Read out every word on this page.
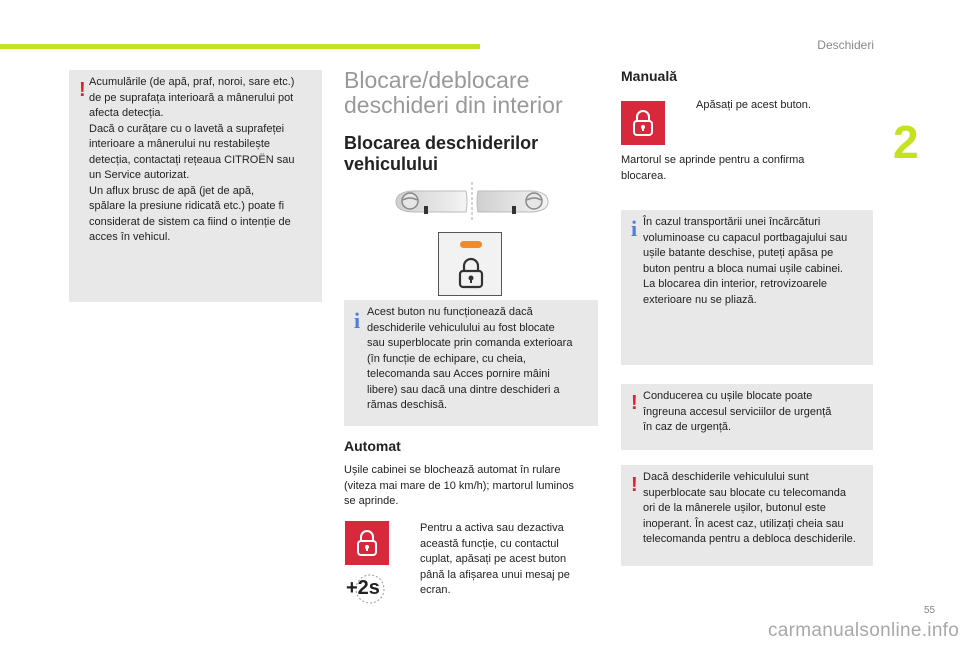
Deschideri
2
! Acumulările (de apă, praf, noroi, sare etc.)

de pe suprafața interioară a mânerului pot

afecta detecția.

Dacă o curățare cu o lavetă a suprafeței

interioare a mânerului nu restabilește

detecția, contactați rețeaua CITROËN sau

un Service autorizat.

Un aflux brusc de apă (jet de apă,

spălare la presiune ridicată etc.) poate fi

considerat de sistem ca fiind o intenție de

acces în vehicul.

Blocare/deblocare
deschideri din interior
Blocarea deschiderilor
vehiculului
i Acest buton nu funcționează dacă

deschiderile vehiculului au fost blocate

sau superblocate prin comanda exterioara

(în funcție de echipare, cu cheia,

telecomanda sau Acces pornire mâini

libere) sau dacă una dintre deschideri a

rămas deschisă.

Automat

Ușile cabinei se blochează automat în rulare

(viteza mai mare de 10 km/h); martorul luminos

se aprinde.

+2s

Pentru a activa sau dezactiva

această funcție, cu contactul

cuplat, apăsați pe acest buton

până la afișarea unui mesaj pe

ecran.

Manuală
Apăsați pe acest buton.

Martorul se aprinde pentru a confirma

blocarea.

i În cazul transportării unei încărcături

voluminoase cu capacul portbagajului sau

ușile batante deschise, puteți apăsa pe

buton pentru a bloca numai ușile cabinei.

La blocarea din interior, retrovizoarele

exterioare nu se pliază.

! Conducerea cu ușile blocate poate

îngreuna accesul serviciilor de urgență

în caz de urgență.

! Dacă deschiderile vehiculului sunt

superblocate sau blocate cu telecomanda

ori de la mânerele ușilor, butonul este

inoperant. În acest caz, utilizați cheia sau

telecomanda pentru a debloca deschiderile.

55
carmanualsonline.info
